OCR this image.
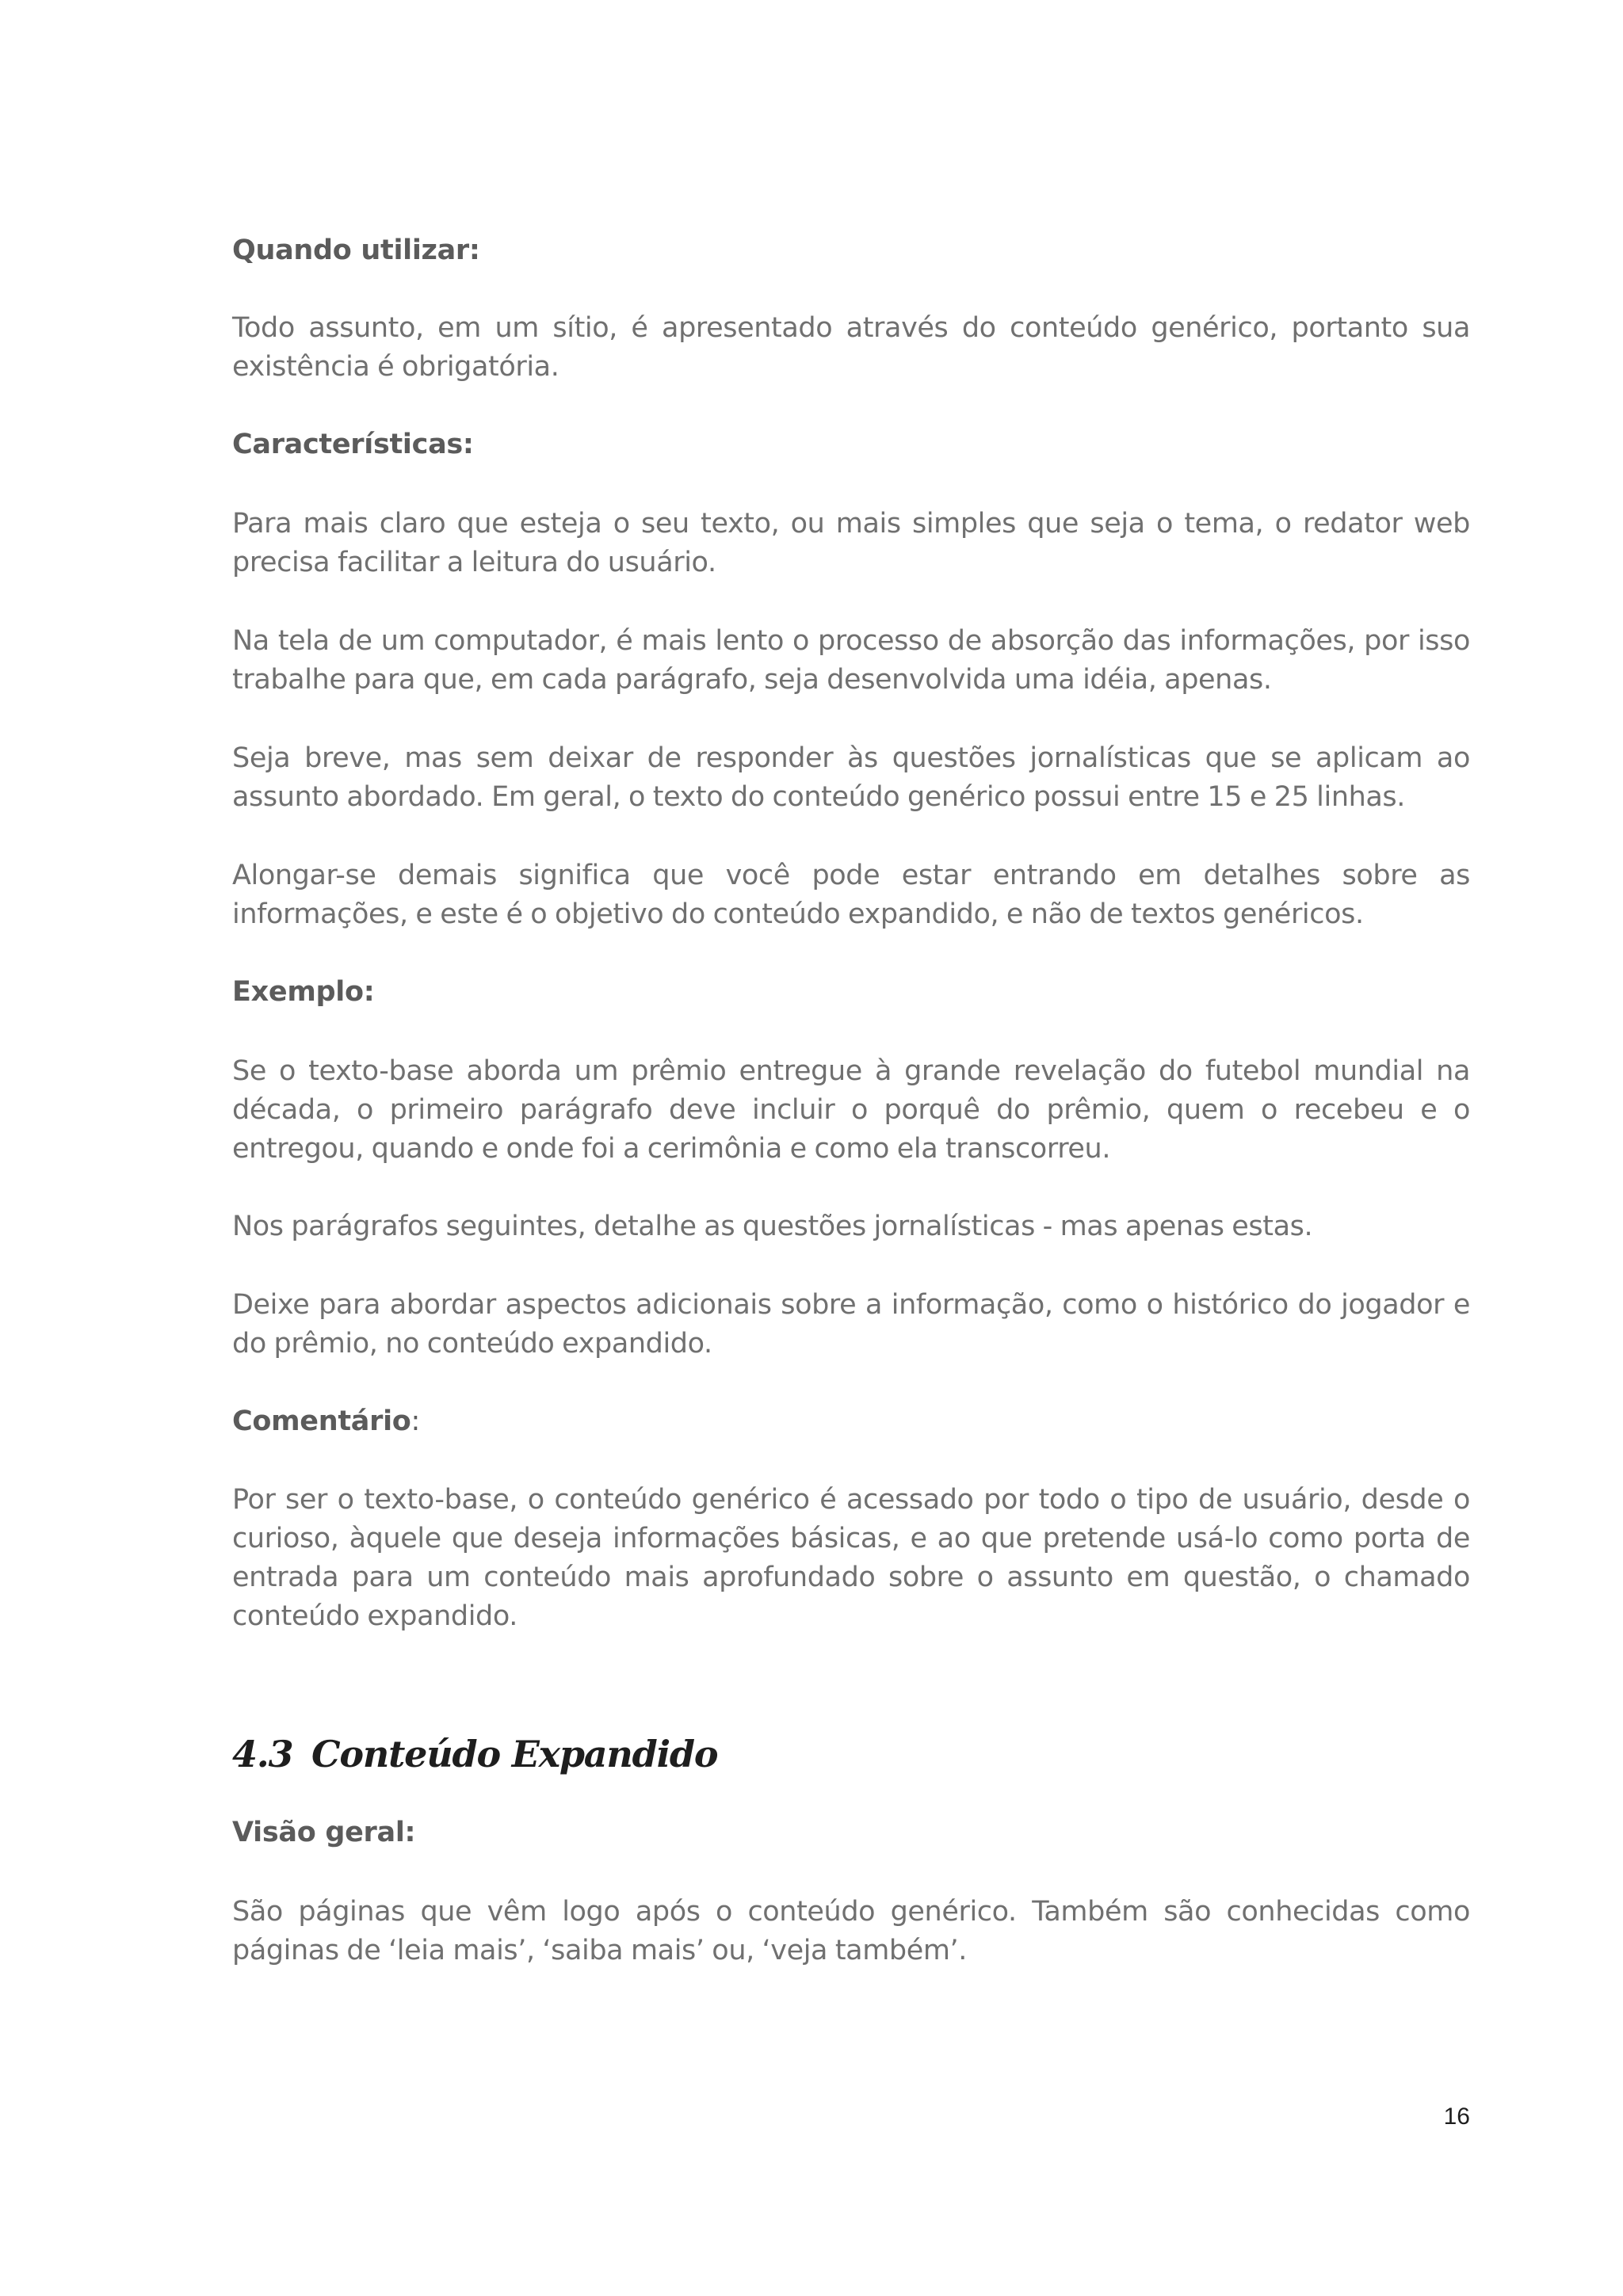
Quando utilizar:

Todo assunto, em um sítio, é apresentado através do conteúdo genérico, portanto sua existência é obrigatória.

Características:

Para mais claro que esteja o seu texto, ou mais simples que seja o tema, o redator web precisa facilitar a leitura do usuário.

Na tela de um computador, é mais lento o processo de absorção das informações, por isso trabalhe para que, em cada parágrafo, seja desenvolvida uma idéia, apenas.

Seja breve, mas sem deixar de responder às questões jornalísticas que se aplicam ao assunto abordado. Em geral, o texto do conteúdo genérico possui entre 15 e 25 linhas.

Alongar-se demais significa que você pode estar entrando em detalhes sobre as informações, e este é o objetivo do conteúdo expandido, e não de textos genéricos.

Exemplo:

Se o texto-base aborda um prêmio entregue à grande revelação do futebol mundial na década, o primeiro parágrafo deve incluir o porquê do prêmio, quem o recebeu e o entregou, quando e onde foi a cerimônia e como ela transcorreu.

Nos parágrafos seguintes, detalhe as questões jornalísticas - mas apenas estas.

Deixe para abordar aspectos adicionais sobre a informação, como o histórico do jogador e do prêmio, no conteúdo expandido.

Comentário:

Por ser o texto-base, o conteúdo genérico é acessado por todo o tipo de usuário, desde o curioso, àquele que deseja informações básicas, e ao que pretende usá-lo como porta de entrada para um conteúdo mais aprofundado sobre o assunto em questão, o chamado conteúdo expandido.

4.3 Conteúdo Expandido

Visão geral:

São páginas que vêm logo após o conteúdo genérico. Também são conhecidas como páginas de ‘leia mais’, ‘saiba mais’ ou, ‘veja também’.

16
